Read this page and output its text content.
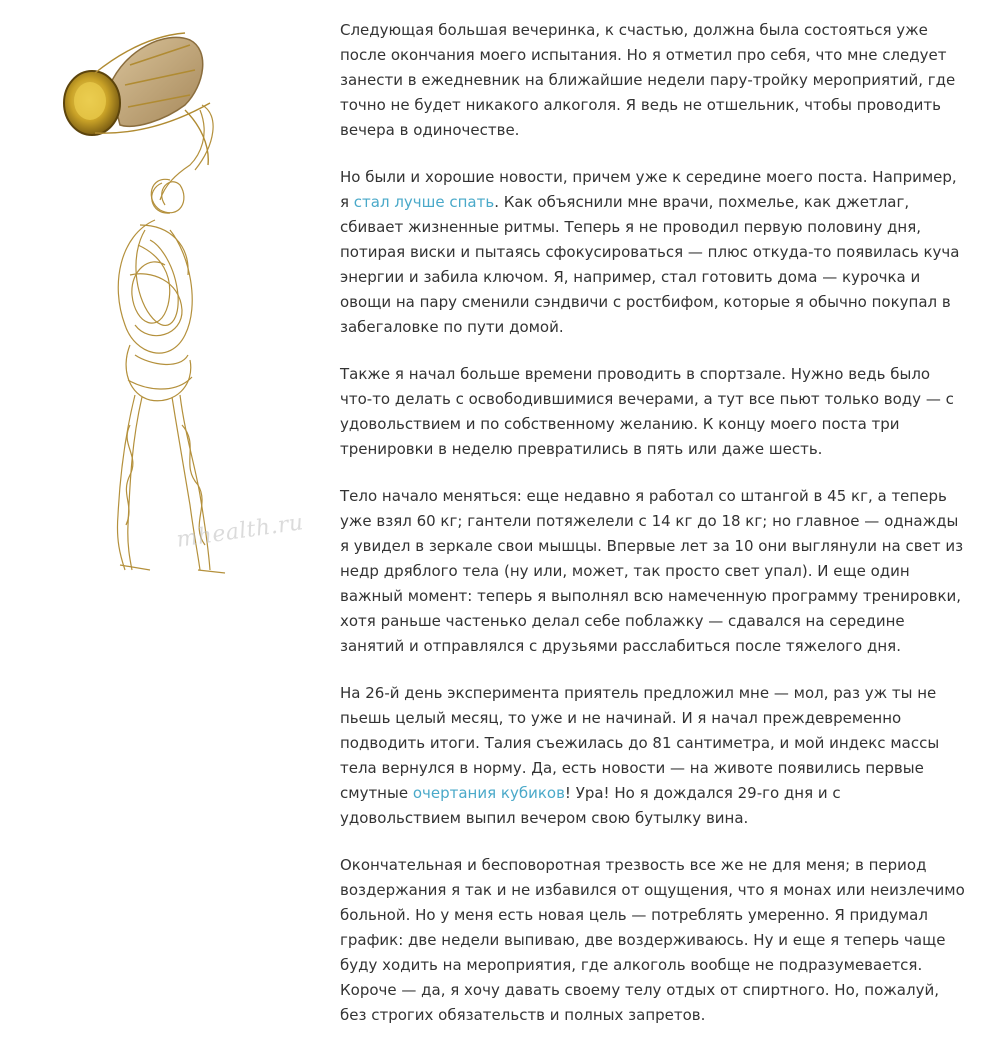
mhealth.ru

Следующая большая вечеринка, к счастью, должна была состояться уже после окончания моего испытания. Но я отметил про себя, что мне следует занести в ежедневник на ближайшие недели пару-тройку мероприятий, где точно не будет никакого алкоголя. Я ведь не отшельник, чтобы проводить вечера в одиночестве.

Но были и хорошие новости, причем уже к середине моего поста. Например, я стал лучше спать. Как объяснили мне врачи, похмелье, как джетлаг, сбивает жизненные ритмы. Теперь я не проводил первую половину дня, потирая виски и пытаясь сфокусироваться — плюс откуда-то появилась куча энергии и забила ключом. Я, например, стал готовить дома — курочка и овощи на пару сменили сэндвичи с ростбифом, которые я обычно покупал в забегаловке по пути домой.

Также я начал больше времени проводить в спортзале. Нужно ведь было что-то делать с освободившимися вечерами, а тут все пьют только воду — с удовольствием и по собственному желанию. К концу моего поста три тренировки в неделю превратились в пять или даже шесть.

Тело начало меняться: еще недавно я работал со штангой в 45 кг, а теперь уже взял 60 кг; гантели потяжелели с 14 кг до 18 кг; но главное — однажды я увидел в зеркале свои мышцы. Впервые лет за 10 они выглянули на свет из недр дряблого тела (ну или, может, так просто свет упал). И еще один важный момент: теперь я выполнял всю намеченную программу тренировки, хотя раньше частенько делал себе поблажку — сдавался на середине занятий и отправлялся с друзьями расслабиться после тяжелого дня.

На 26-й день эксперимента приятель предложил мне — мол, раз уж ты не пьешь целый месяц, то уже и не начинай. И я начал преждевременно подводить итоги. Талия съежилась до 81 сантиметра, и мой индекс массы тела вернулся в норму. Да, есть новости — на животе появились первые смутные очертания кубиков! Ура! Но я дождался 29-го дня и с удовольствием выпил вечером свою бутылку вина.

Окончательная и бесповоротная трезвость все же не для меня; в период воздержания я так и не избавился от ощущения, что я монах или неизлечимо больной. Но у меня есть новая цель — потреблять умеренно. Я придумал график: две недели выпиваю, две воздерживаюсь. Ну и еще я теперь чаще буду ходить на мероприятия, где алкоголь вообще не подразумевается. Короче — да, я хочу давать своему телу отдых от спиртного. Но, пожалуй, без строгих обязательств и полных запретов.
